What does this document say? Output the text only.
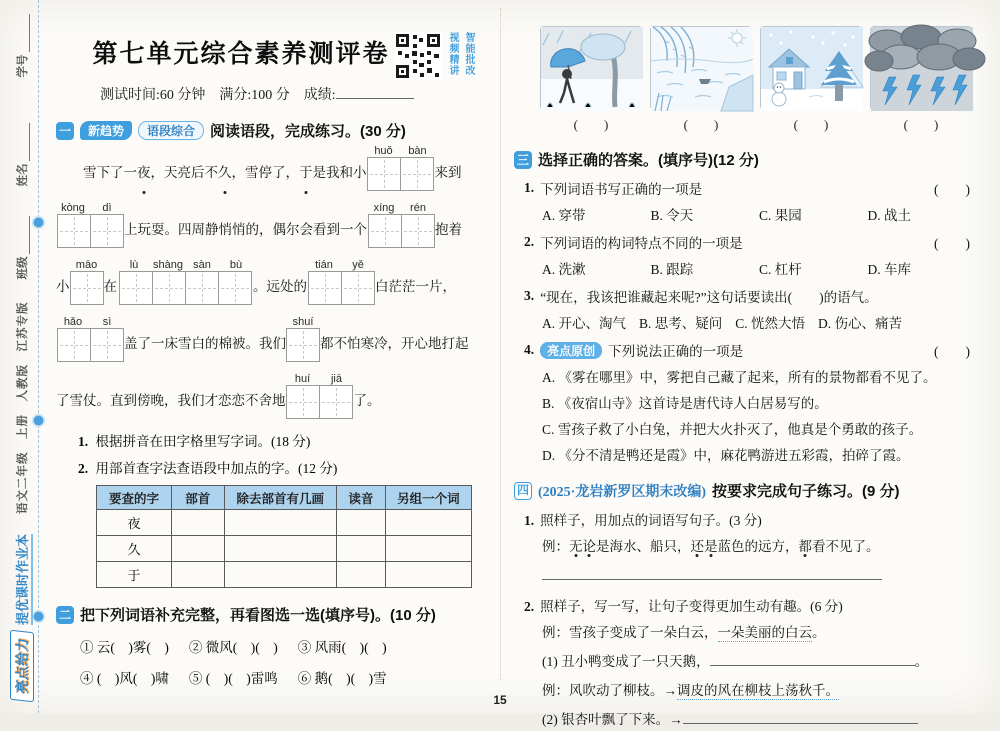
亮点给力
提优课时作业本
语文二年级　上册　人教版　江苏专版
班级
姓名
学号	第七单元综合素养测评卷	视频精讲 智能批改
测试时间:60 分钟　满分:100 分　成绩:
一	新趋势	语段综合	阅读语段，完成练习。(30 分)
　　雪下了一 夜 ，天亮后不 久 ，雪停了， 于 是我和小
huǒ	bàn
来到
kòng	dì
上玩耍。四周静悄悄的，偶尔会看到一个
xíng	rén
抱着
小
māo
在
lù	shàng sàn	bù
。远处的
tián	yě
白茫茫一片，
hǎo	sì
盖了一床雪白的棉被。我们
shuí
都不怕寒冷，开心地打起
了雪仗。直到傍晚，我们才恋恋不舍地
huí	jiā
了。
1. 根据拼音在田字格里写字词。(18 分)
2. 用部首查字法查语段中加点的字。(12 分)
要查的字	部首	除去部首有几画	读音	另组一个词
夜				
久				
于				
二 把下列词语补充完整，再看图选一选(填序号)。(10 分)
① 云(　)雾(　) ② 微风(　)(　) ③ 风雨(　)(　)
④ (　)风(　)啸 ⑤ (　)(　)雷鸣 ⑥ 鹅(　)(　)雪
(　　)	(　　)	(　　)	(　　)
三 选择正确的答案。(填序号)(12 分)
1. 下列词语书写正确的一项是	(　　)
A. 穿带	B. 令天	C. 果园	D. 战土
2. 下列词语的构词特点不同的一项是	(　　)
A. 洗漱	B. 跟踪	C. 杠杆	D. 车库
3. “现在，我该把谁藏起来呢?”这句话要读出(　　)的语气。
A. 开心、淘气 B. 思考、疑问 C. 恍然大悟 D. 伤心、痛苦
4.	亮点原创 下列说法正确的一项是	(　　)
A. 《雾在哪里》中，雾把自己藏了起来，所有的景物都看不见了。
B. 《夜宿山寺》这首诗是唐代诗人白居易写的。
C. 雪孩子救了小白兔，并把大火扑灭了，他真是个勇敢的孩子。
D. 《分不清是鸭还是霞》中，麻花鸭游进五彩霞，拍碎了霞。
四 (2025·龙岩新罗区期末改编) 按要求完成句子练习。(9 分)
1. 照样子，用加点的词语写句子。(3 分)
例：无论是海水、船只，还是蓝色的远方，都看不见了。
2. 照样子，写一写，让句子变得更加生动有趣。(6 分)
例：雪孩子变成了一朵白云，一朵美丽的白云。
(1) 丑小鸭变成了一只天鹅，	。
例：风吹动了柳枝。→调皮的风在柳枝上荡秋千。
(2) 银杏叶飘了下来。→
15
